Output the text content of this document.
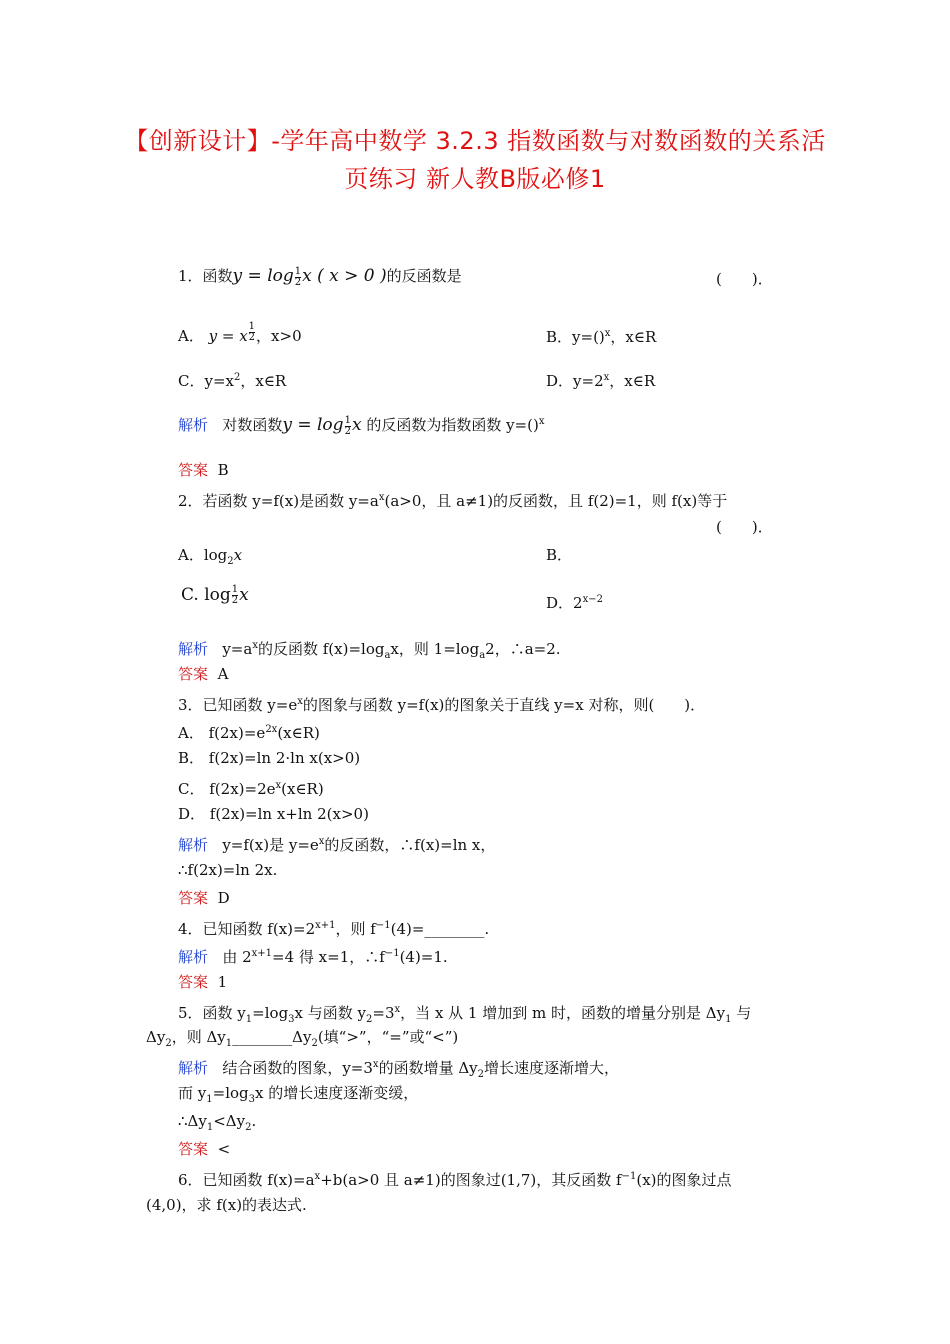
【创新设计】-学年高中数学 3.2.3 指数函数与对数函数的关系活
页练习 新人教B版必修1
1．函数$y = \log \frac{1}{2}$ x ( x > 0 )的反函数是	(　　)．
A． y = x $^{\frac{1}{2}}$ ，x>0	B．y=()$^x$，x∈R
C．$y=x^2$，x∈R	D．$y=2^x$，x∈R
解析 对数函数$y = \log \frac{1}{2}$ x 的反函数为指数函数 y=()$^x$
答案 B
2．若函数 y=f(x)是函数 $y=a^x(a>0$，且 a≠1)的反函数，且 f(2)=1，则 f(x)等于
(　　)．
A．$\log_2x$	B．
C. $\log \frac{1}{2}$ x	D．$2^{x-2}$
解析 $y=a^x$的反函数 $f(x)=\log_ax$，则 $1=\log_a2$，∴a=2.
答案 A
3．已知函数 $y=e^x$的图象与函数 y=f(x)的图象关于直线 y=x 对称，则(　　)．
A． $f(2x)=e^{2x}(x\in R)$
B． f(2x)=ln 2·ln x(x>0)
C． $f(2x)=2e^x(x\in R)$
D． f(2x)=ln x+ln 2(x>0)
解析 y=f(x)是 $y=e^x$的反函数，∴f(x)=ln x，
∴f(2x)=ln 2x.
答案 D
4．已知函数 $f(x)=2^{x+1}$，则 $f^{-1}(4)=\_\_\_\_\_\_\_\_$.
解析 由 $2^{x+1}=4$ 得 x=1，$\therefore f^{-1}(4)=1$.
答案 1
5．函数 $y_1=\log_3x$ 与函数 $y_2=3^x$，当 x 从 1 增加到 m 时，函数的增量分别是 $\Delta y_1$ 与
$\Delta y_2$，则 $\Delta y_1\_\_\_\_\_\_\_\_\Delta y_2$(填“>”，“=”或“<”)
解析 结合函数的图象，$y=3^x$的函数增量 $\Delta y_2$增长速度逐渐增大，
而 $y_1=\log_3x$ 的增长速度逐渐变缓，
$\therefore\Delta y_1<\Delta y_2$.
答案 <
6．已知函数 $f(x)=a^x+b(a>0$ 且 a≠1)的图象过(1,7)，其反函数 $f^{-1}(x)$的图象过点
(4,0)，求 f(x)的表达式.
